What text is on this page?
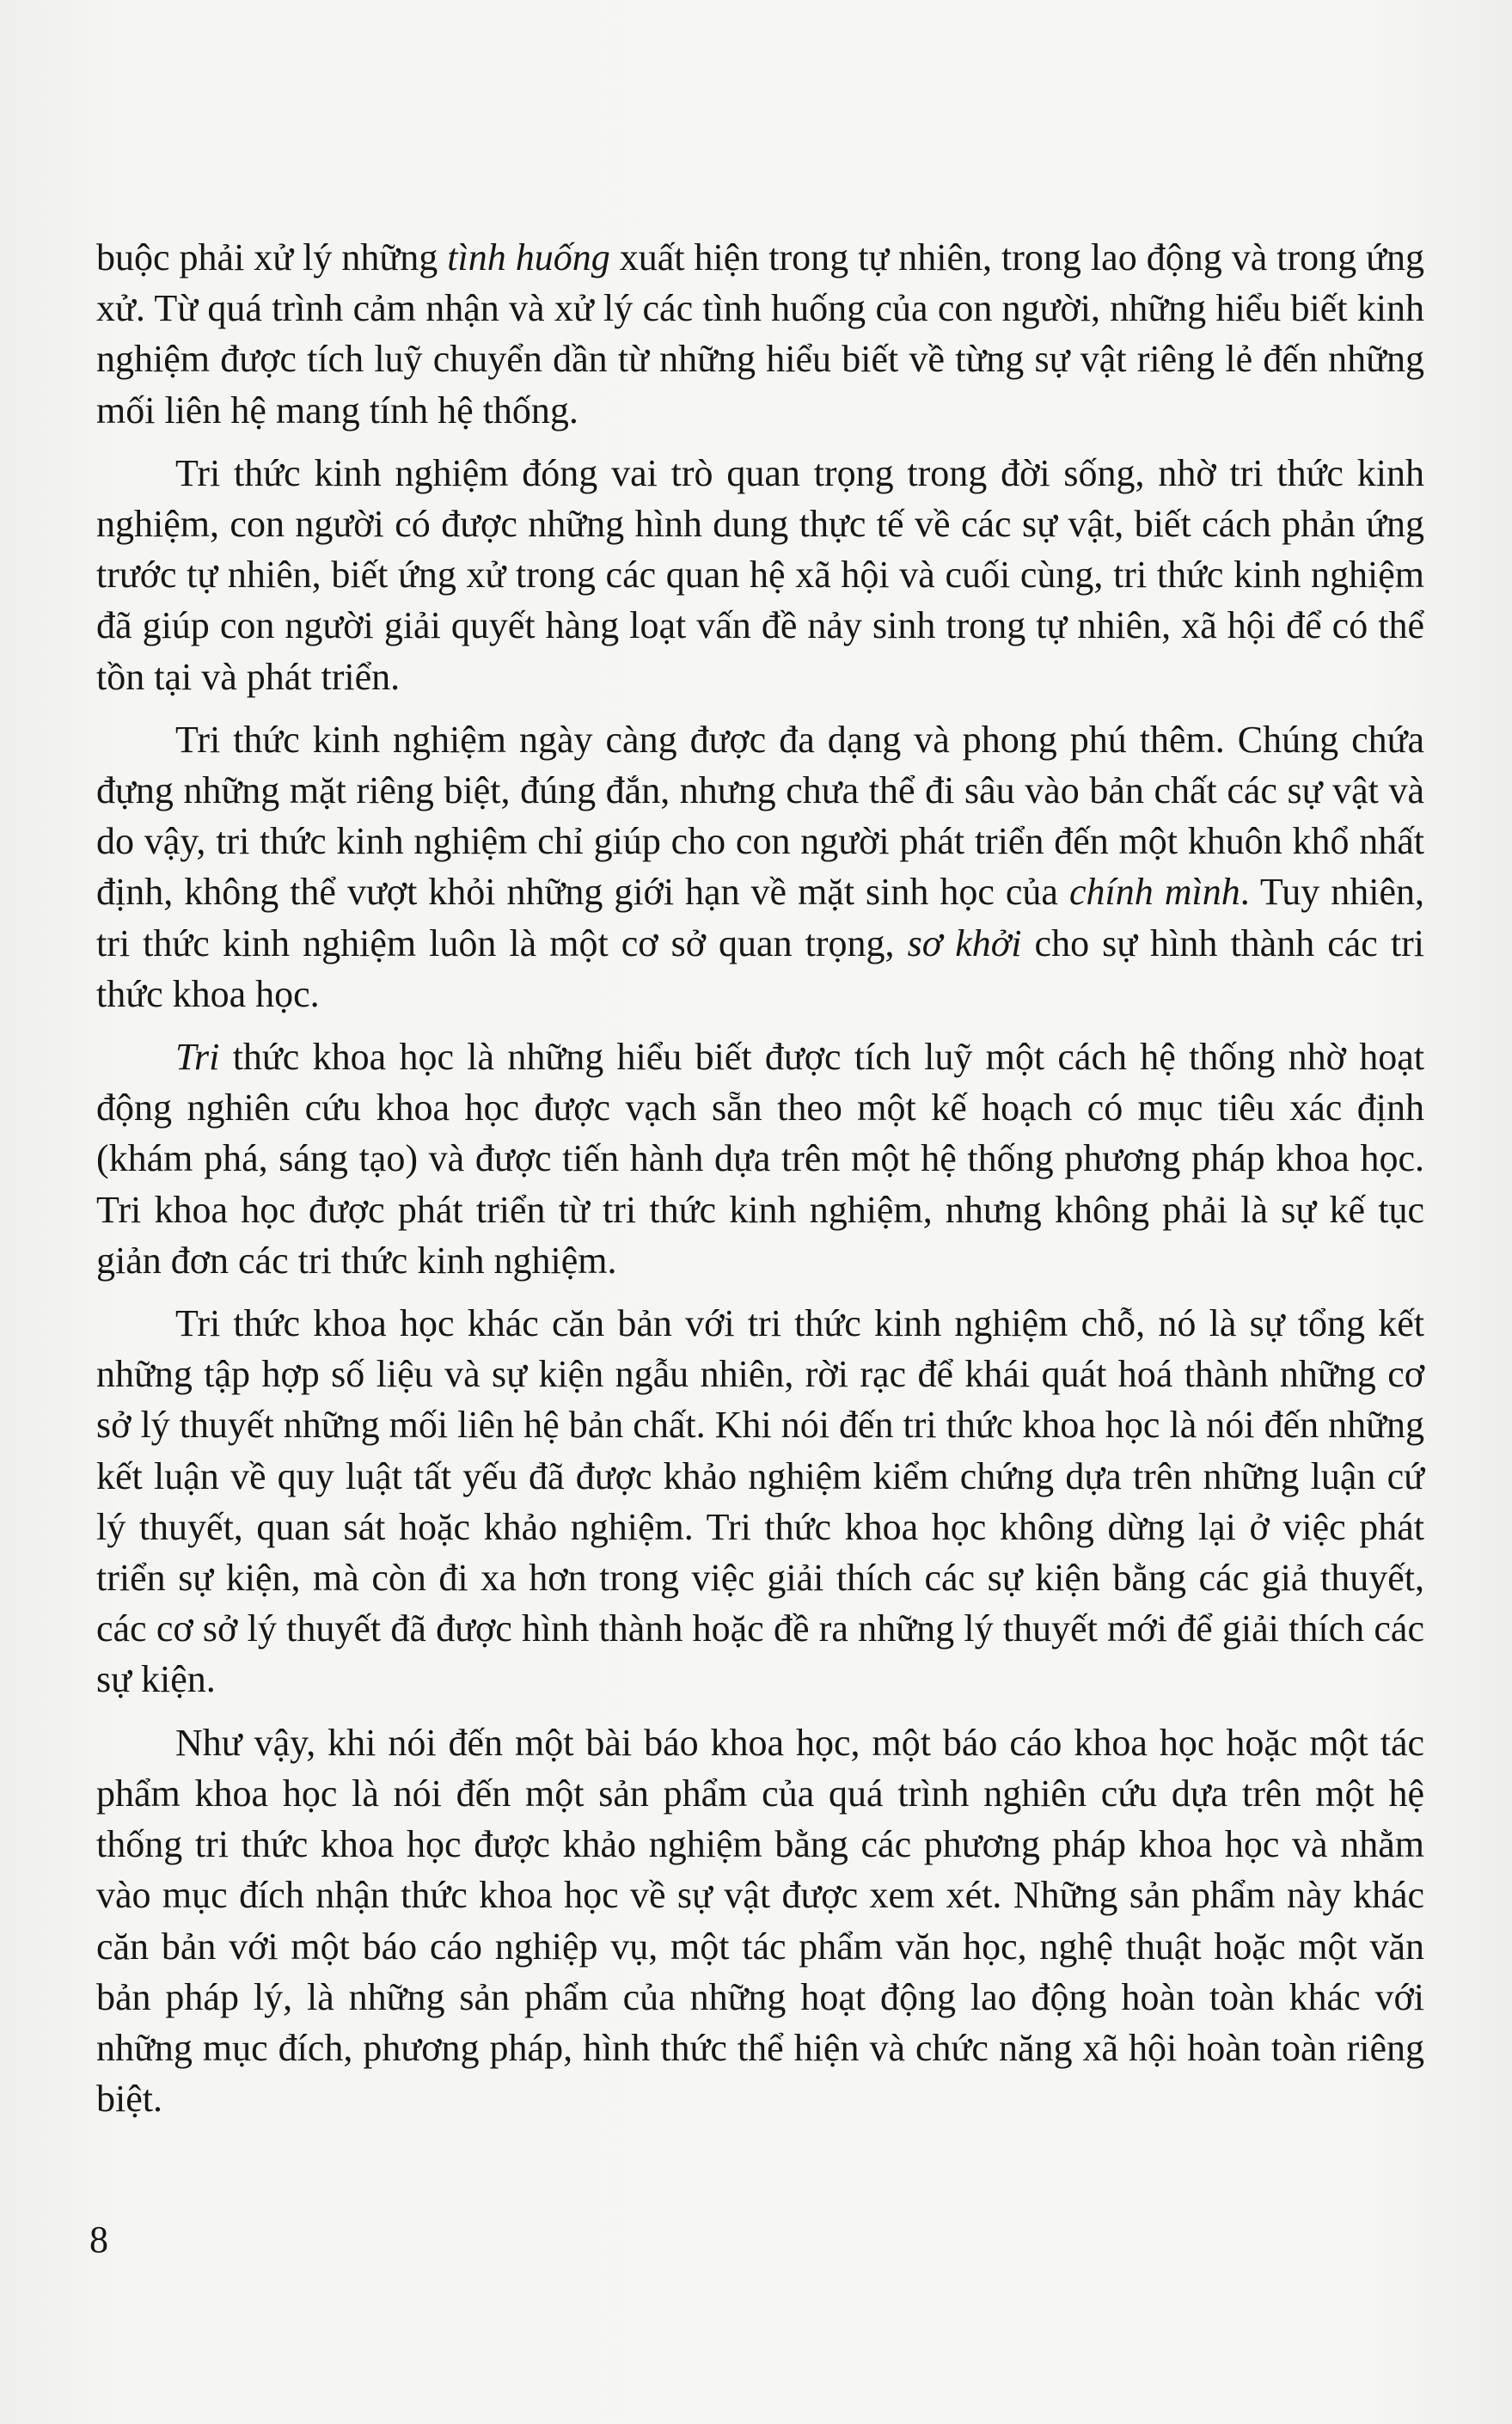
buộc phải xử lý những tình huống xuất hiện trong tự nhiên, trong lao động và trong ứng xử. Từ quá trình cảm nhận và xử lý các tình huống của con người, những hiểu biết kinh nghiệm được tích luỹ chuyển dần từ những hiểu biết về từng sự vật riêng lẻ đến những mối liên hệ mang tính hệ thống.

Tri thức kinh nghiệm đóng vai trò quan trọng trong đời sống, nhờ tri thức kinh nghiệm, con người có được những hình dung thực tế về các sự vật, biết cách phản ứng trước tự nhiên, biết ứng xử trong các quan hệ xã hội và cuối cùng, tri thức kinh nghiệm đã giúp con người giải quyết hàng loạt vấn đề nảy sinh trong tự nhiên, xã hội để có thể tồn tại và phát triển.

Tri thức kinh nghiệm ngày càng được đa dạng và phong phú thêm. Chúng chứa đựng những mặt riêng biệt, đúng đắn, nhưng chưa thể đi sâu vào bản chất các sự vật và do vậy, tri thức kinh nghiệm chỉ giúp cho con người phát triển đến một khuôn khổ nhất định, không thể vượt khỏi những giới hạn về mặt sinh học của chính mình. Tuy nhiên, tri thức kinh nghiệm luôn là một cơ sở quan trọng, sơ khởi cho sự hình thành các tri thức khoa học.

Tri thức khoa học là những hiểu biết được tích luỹ một cách hệ thống nhờ hoạt động nghiên cứu khoa học được vạch sẵn theo một kế hoạch có mục tiêu xác định (khám phá, sáng tạo) và được tiến hành dựa trên một hệ thống phương pháp khoa học. Tri khoa học được phát triển từ tri thức kinh nghiệm, nhưng không phải là sự kế tục giản đơn các tri thức kinh nghiệm.

Tri thức khoa học khác căn bản với tri thức kinh nghiệm chỗ, nó là sự tổng kết những tập hợp số liệu và sự kiện ngẫu nhiên, rời rạc để khái quát hoá thành những cơ sở lý thuyết những mối liên hệ bản chất. Khi nói đến tri thức khoa học là nói đến những kết luận về quy luật tất yếu đã được khảo nghiệm kiểm chứng dựa trên những luận cứ lý thuyết, quan sát hoặc khảo nghiệm. Tri thức khoa học không dừng lại ở việc phát triển sự kiện, mà còn đi xa hơn trong việc giải thích các sự kiện bằng các giả thuyết, các cơ sở lý thuyết đã được hình thành hoặc đề ra những lý thuyết mới để giải thích các sự kiện.

Như vậy, khi nói đến một bài báo khoa học, một báo cáo khoa học hoặc một tác phẩm khoa học là nói đến một sản phẩm của quá trình nghiên cứu dựa trên một hệ thống tri thức khoa học được khảo nghiệm bằng các phương pháp khoa học và nhằm vào mục đích nhận thức khoa học về sự vật được xem xét. Những sản phẩm này khác căn bản với một báo cáo nghiệp vụ, một tác phẩm văn học, nghệ thuật hoặc một văn bản pháp lý, là những sản phẩm của những hoạt động lao động hoàn toàn khác với những mục đích, phương pháp, hình thức thể hiện và chức năng xã hội hoàn toàn riêng biệt.

8
